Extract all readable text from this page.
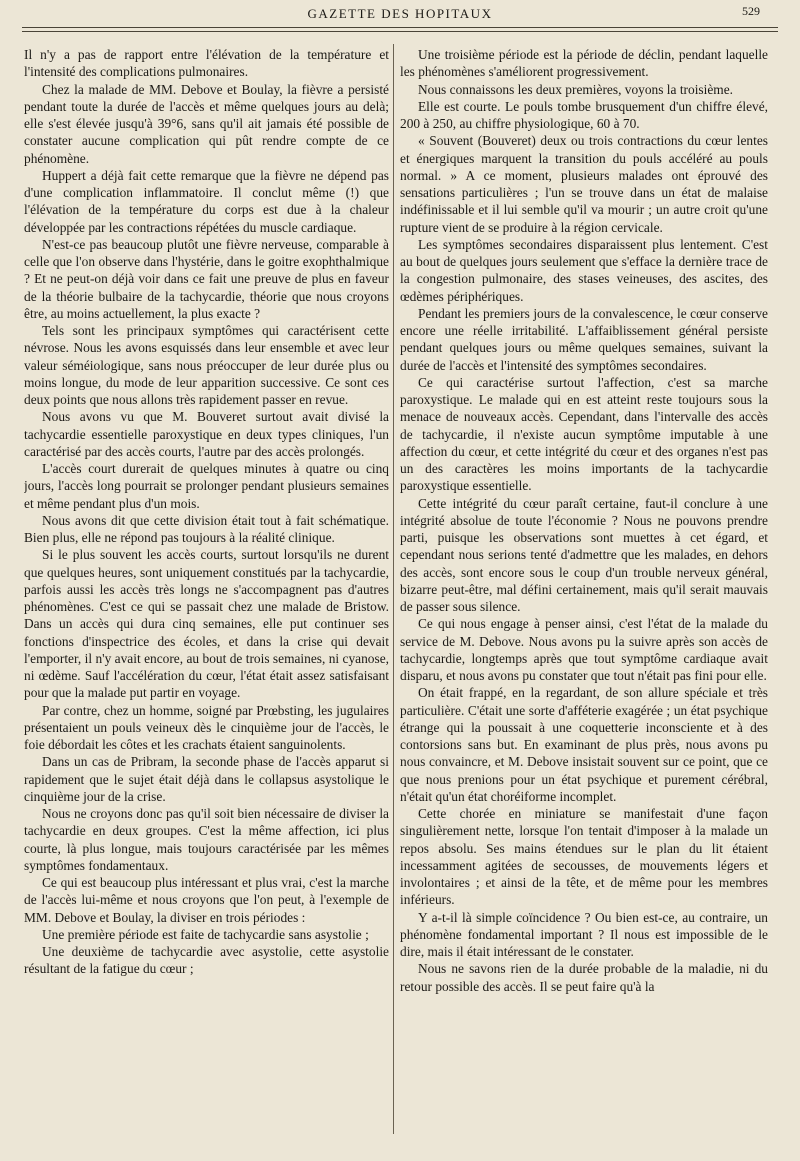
GAZETTE DES HOPITAUX	529

Il n'y a pas de rapport entre l'élévation de la température et l'intensité des complications pulmonaires.

Chez la malade de MM. Debove et Boulay, la fièvre a persisté pendant toute la durée de l'accès et même quelques jours au delà; elle s'est élevée jusqu'à 39°6, sans qu'il ait jamais été possible de constater aucune complication qui pût rendre compte de ce phénomène.

Huppert a déjà fait cette remarque que la fièvre ne dépend pas d'une complication inflammatoire. Il conclut même (!) que l'élévation de la température du corps est due à la chaleur développée par les contractions répétées du muscle cardiaque.

N'est-ce pas beaucoup plutôt une fièvre nerveuse, comparable à celle que l'on observe dans l'hystérie, dans le goitre exophthalmique ? Et ne peut-on déjà voir dans ce fait une preuve de plus en faveur de la théorie bulbaire de la tachycardie, théorie que nous croyons être, au moins actuellement, la plus exacte ?

Tels sont les principaux symptômes qui caractérisent cette névrose. Nous les avons esquissés dans leur ensemble et avec leur valeur séméiologique, sans nous préoccuper de leur durée plus ou moins longue, du mode de leur apparition successive. Ce sont ces deux points que nous allons très rapidement passer en revue.

Nous avons vu que M. Bouveret surtout avait divisé la tachycardie essentielle paroxystique en deux types cliniques, l'un caractérisé par des accès courts, l'autre par des accès prolongés.

L'accès court durerait de quelques minutes à quatre ou cinq jours, l'accès long pourrait se prolonger pendant plusieurs semaines et même pendant plus d'un mois.

Nous avons dit que cette division était tout à fait schématique. Bien plus, elle ne répond pas toujours à la réalité clinique.

Si le plus souvent les accès courts, surtout lorsqu'ils ne durent que quelques heures, sont uniquement constitués par la tachycardie, parfois aussi les accès très longs ne s'accompagnent pas d'autres phénomènes. C'est ce qui se passait chez une malade de Bristow. Dans un accès qui dura cinq semaines, elle put continuer ses fonctions d'inspectrice des écoles, et dans la crise qui devait l'emporter, il n'y avait encore, au bout de trois semaines, ni cyanose, ni œdème. Sauf l'accélération du cœur, l'état était assez satisfaisant pour que la malade put partir en voyage.

Par contre, chez un homme, soigné par Prœbsting, les jugulaires présentaient un pouls veineux dès le cinquième jour de l'accès, le foie débordait les côtes et les crachats étaient sanguinolents.

Dans un cas de Pribram, la seconde phase de l'accès apparut si rapidement que le sujet était déjà dans le collapsus asystolique le cinquième jour de la crise.

Nous ne croyons donc pas qu'il soit bien nécessaire de diviser la tachycardie en deux groupes. C'est la même affection, ici plus courte, là plus longue, mais toujours caractérisée par les mêmes symptômes fondamentaux.

Ce qui est beaucoup plus intéressant et plus vrai, c'est la marche de l'accès lui-même et nous croyons que l'on peut, à l'exemple de MM. Debove et Boulay, la diviser en trois périodes :

Une première période est faite de tachycardie sans asystolie ;

Une deuxième de tachycardie avec asystolie, cette asystolie résultant de la fatigue du cœur ;

Une troisième période est la période de déclin, pendant laquelle les phénomènes s'améliorent progressivement.

Nous connaissons les deux premières, voyons la troisième.

Elle est courte. Le pouls tombe brusquement d'un chiffre élevé, 200 à 250, au chiffre physiologique, 60 à 70.

« Souvent (Bouveret) deux ou trois contractions du cœur lentes et énergiques marquent la transition du pouls accéléré au pouls normal. » A ce moment, plusieurs malades ont éprouvé des sensations particulières ; l'un se trouve dans un état de malaise indéfinissable et il lui semble qu'il va mourir ; un autre croit qu'une rupture vient de se produire à la région cervicale.

Les symptômes secondaires disparaissent plus lentement. C'est au bout de quelques jours seulement que s'efface la dernière trace de la congestion pulmonaire, des stases veineuses, des ascites, des œdèmes périphériques.

Pendant les premiers jours de la convalescence, le cœur conserve encore une réelle irritabilité. L'affaiblissement général persiste pendant quelques jours ou même quelques semaines, suivant la durée de l'accès et l'intensité des symptômes secondaires.

Ce qui caractérise surtout l'affection, c'est sa marche paroxystique. Le malade qui en est atteint reste toujours sous la menace de nouveaux accès. Cependant, dans l'intervalle des accès de tachycardie, il n'existe aucun symptôme imputable à une affection du cœur, et cette intégrité du cœur et des organes n'est pas un des caractères les moins importants de la tachycardie paroxystique essentielle.

Cette intégrité du cœur paraît certaine, faut-il conclure à une intégrité absolue de toute l'économie ? Nous ne pouvons prendre parti, puisque les observations sont muettes à cet égard, et cependant nous serions tenté d'admettre que les malades, en dehors des accès, sont encore sous le coup d'un trouble nerveux général, bizarre peut-être, mal défini certainement, mais qu'il serait mauvais de passer sous silence.

Ce qui nous engage à penser ainsi, c'est l'état de la malade du service de M. Debove. Nous avons pu la suivre après son accès de tachycardie, longtemps après que tout symptôme cardiaque avait disparu, et nous avons pu constater que tout n'était pas fini pour elle.

On était frappé, en la regardant, de son allure spéciale et très particulière. C'était une sorte d'afféterie exagérée ; un état psychique étrange qui la poussait à une coquetterie inconsciente et à des contorsions sans but. En examinant de plus près, nous avons pu nous convaincre, et M. Debove insistait souvent sur ce point, que ce que nous prenions pour un état psychique et purement cérébral, n'était qu'un état choréiforme incomplet.

Cette chorée en miniature se manifestait d'une façon singulièrement nette, lorsque l'on tentait d'imposer à la malade un repos absolu. Ses mains étendues sur le plan du lit étaient incessamment agitées de secousses, de mouvements légers et involontaires ; et ainsi de la tête, et de même pour les membres inférieurs.

Y a-t-il là simple coïncidence ? Ou bien est-ce, au contraire, un phénomène fondamental important ? Il nous est impossible de le dire, mais il était intéressant de le constater.

Nous ne savons rien de la durée probable de la maladie, ni du retour possible des accès. Il se peut faire qu'à la
